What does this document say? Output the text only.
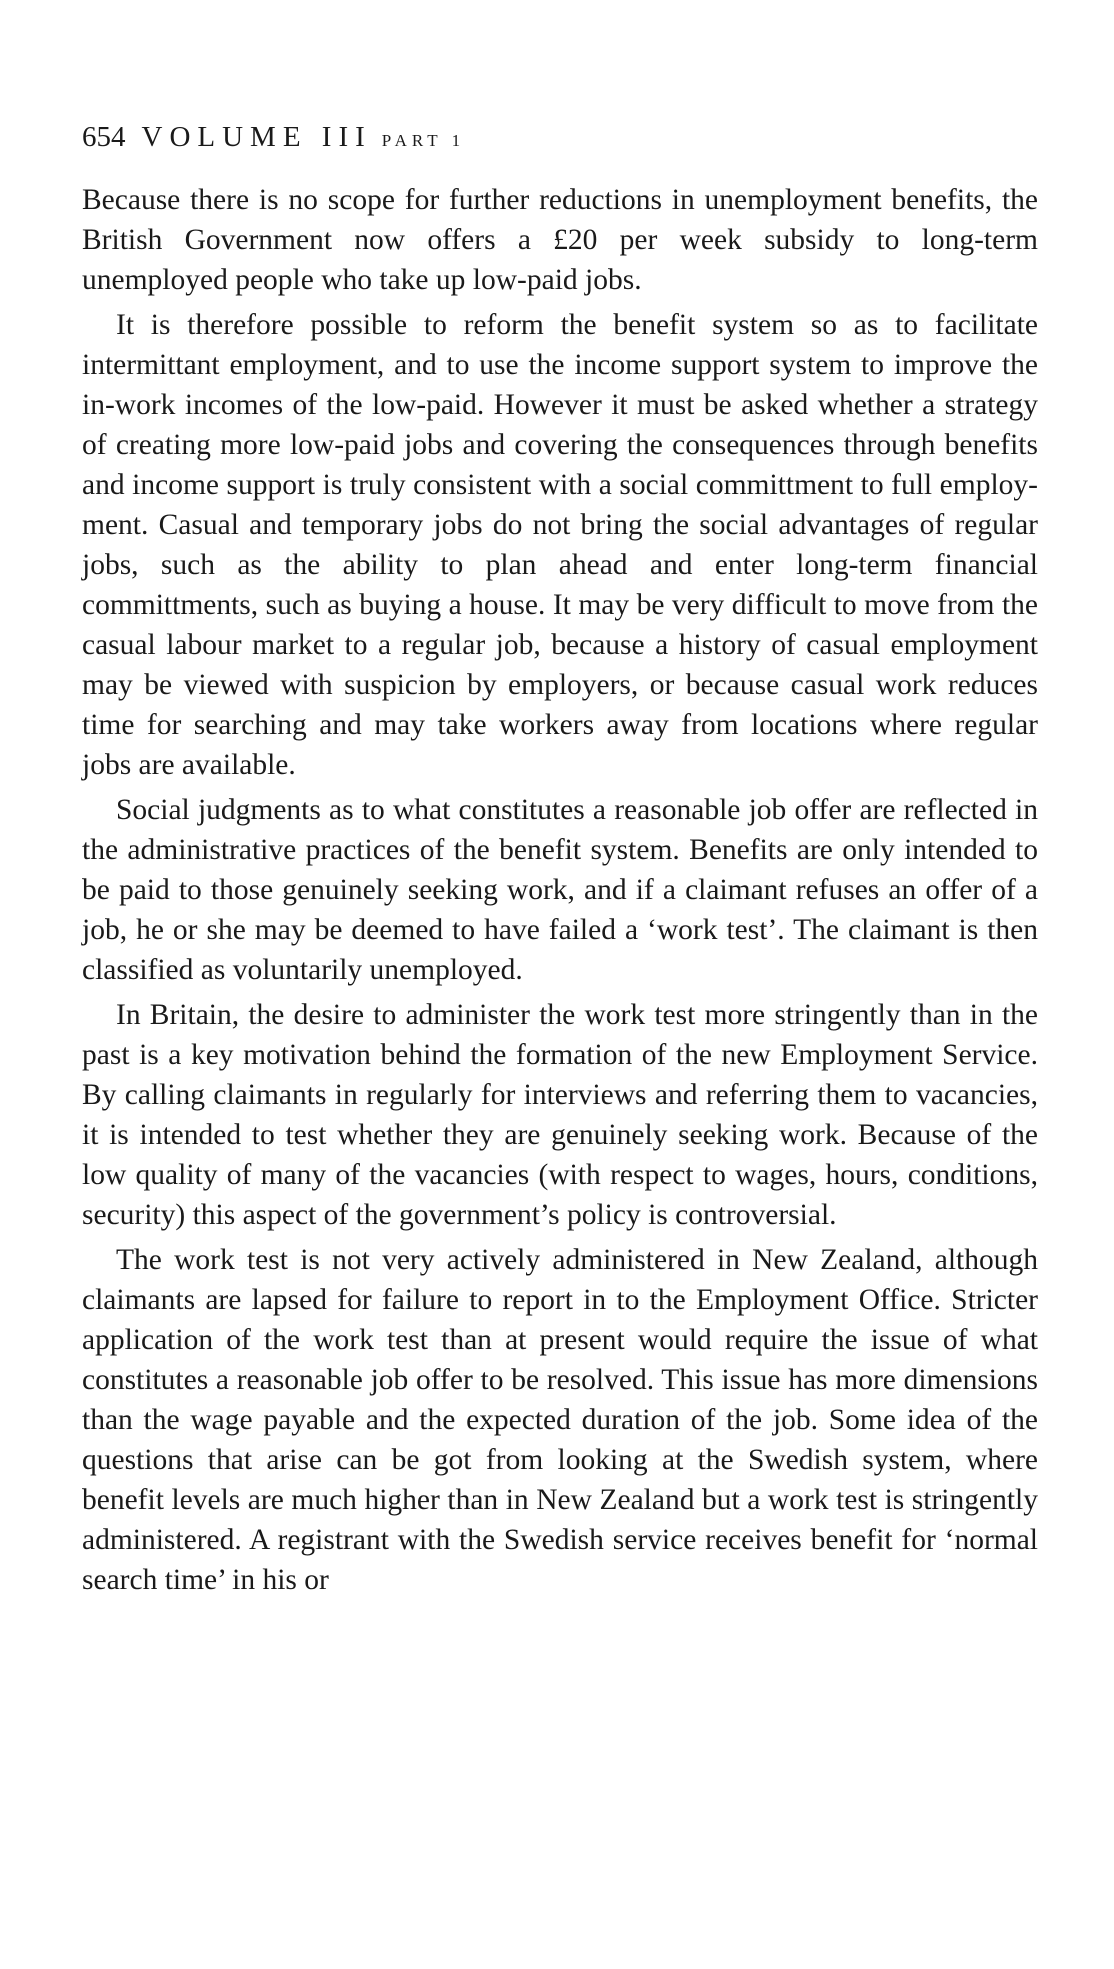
654 VOLUME III PART 1

Because there is no scope for further reductions in unemployment benefits, the British Government now offers a £20 per week subsidy to long-term unemployed people who take up low-paid jobs.

It is therefore possible to reform the benefit system so as to facilitate intermittant employment, and to use the income support system to improve the in-work incomes of the low-paid. However it must be asked whether a strategy of creating more low-paid jobs and covering the consequences through benefits and income support is truly consistent with a social committment to full employment. Casual and temporary jobs do not bring the social advantages of regular jobs, such as the ability to plan ahead and enter long-term financial committments, such as buying a house. It may be very difficult to move from the casual labour market to a regular job, because a history of casual employment may be viewed with suspicion by employers, or because casual work reduces time for searching and may take workers away from locations where regular jobs are available.

Social judgments as to what constitutes a reasonable job offer are reflected in the administrative practices of the benefit system. Benefits are only intended to be paid to those genuinely seeking work, and if a claimant refuses an offer of a job, he or she may be deemed to have failed a ‘work test’. The claimant is then classified as voluntarily unemployed.

In Britain, the desire to administer the work test more stringently than in the past is a key motivation behind the formation of the new Employment Service. By calling claimants in regularly for interviews and referring them to vacancies, it is intended to test whether they are genuinely seeking work. Because of the low quality of many of the vacancies (with respect to wages, hours, conditions, security) this aspect of the government’s policy is controversial.

The work test is not very actively administered in New Zealand, although claimants are lapsed for failure to report in to the Employment Office. Stricter application of the work test than at present would require the issue of what constitutes a reasonable job offer to be resolved. This issue has more dimensions than the wage payable and the expected duration of the job. Some idea of the questions that arise can be got from looking at the Swedish system, where benefit levels are much higher than in New Zealand but a work test is stringently administered. A registrant with the Swedish service receives benefit for ‘normal search time’ in his or
